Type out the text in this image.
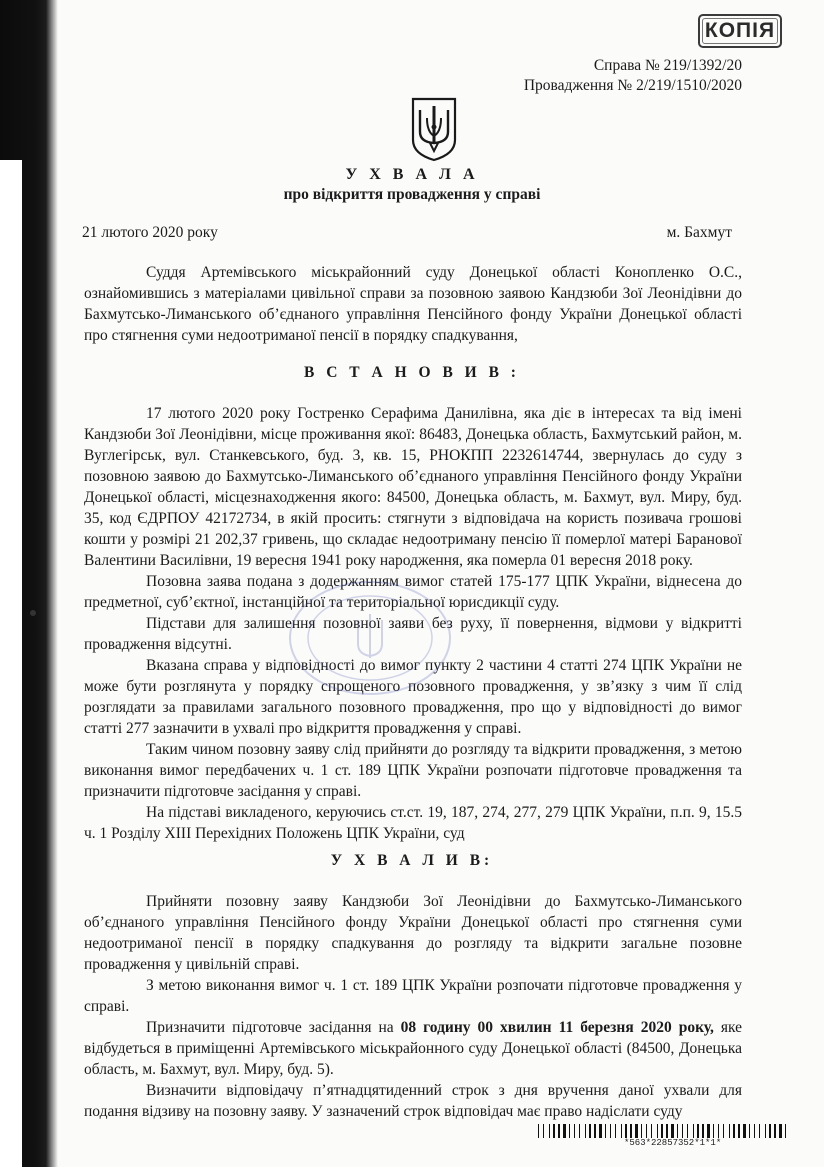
КОПІЯ
Справа № 219/1392/20
Провадження № 2/219/1510/2020
У Х В А Л А
про відкриття провадження у справі
21 лютого 2020 року	м. Бахмут

Суддя Артемівського міськрайонний суду Донецької області Конопленко О.С., ознайомившись з матеріалами цивільної справи за позовною заявою Кандзюби Зої Леонідівни до Бахмутсько-Лиманського об’єднаного управління Пенсійного фонду України Донецької області про стягнення суми недоотриманої пенсії в порядку спадкування,

В С Т А Н О В И В :

17 лютого 2020 року Гостренко Серафима Данилівна, яка діє в інтересах та від імені Кандзюби Зої Леонідівни, місце проживання якої: 86483, Донецька область, Бахмутський район, м. Вуглегірськ, вул. Станкевського, буд. 3, кв. 15, РНОКПП 2232614744, звернулась до суду з позовною заявою до Бахмутсько-Лиманського об’єднаного управління Пенсійного фонду України Донецької області, місцезнаходження якого: 84500, Донецька область, м. Бахмут, вул. Миру, буд. 35, код ЄДРПОУ 42172734, в якій просить: стягнути з відповідача на користь позивача грошові кошти у розмірі 21 202,37 гривень, що складає недоотриману пенсію її померлої матері Баранової Валентини Василівни, 19 вересня 1941 року народження, яка померла 01 вересня 2018 року.

Позовна заява подана з додержанням вимог статей 175-177 ЦПК України, віднесена до предметної, суб’єктної, інстанційної та територіальної юрисдикції суду.

Підстави для залишення позовної заяви без руху, її повернення, відмови у відкритті провадження відсутні.

Вказана справа у відповідності до вимог пункту 2 частини 4 статті 274 ЦПК України не може бути розглянута у порядку спрощеного позовного провадження, у зв’язку з чим її слід розглядати за правилами загального позовного провадження, про що у відповідності до вимог статті 277 зазначити в ухвалі про відкриття провадження у справі.

Таким чином позовну заяву слід прийняти до розгляду та відкрити провадження, з метою виконання вимог передбачених ч. 1 ст. 189 ЦПК України розпочати підготовче провадження та призначити підготовче засідання у справі.

На підставі викладеного, керуючись ст.ст. 19, 187, 274, 277, 279 ЦПК України, п.п. 9, 15.5 ч. 1 Розділу XIII Перехідних Положень ЦПК України, суд

У Х В А Л И В:

Прийняти позовну заяву Кандзюби Зої Леонідівни до Бахмутсько-Лиманського об’єднаного управління Пенсійного фонду України Донецької області про стягнення суми недоотриманої пенсії в порядку спадкування до розгляду та відкрити загальне позовне провадження у цивільній справі.

З метою виконання вимог ч. 1 ст. 189 ЦПК України розпочати підготовче провадження у справі.

Призначити підготовче засідання на 08 годину 00 хвилин 11 березня 2020 року, яке відбудеться в приміщенні Артемівського міськрайонного суду Донецької області (84500, Донецька область, м. Бахмут, вул. Миру, буд. 5).

Визначити відповідачу п’ятнадцятиденний строк з дня вручення даної ухвали для подання відзиву на позовну заяву. У зазначений строк відповідач має право надіслати суду

*563*22857352*1*1*
